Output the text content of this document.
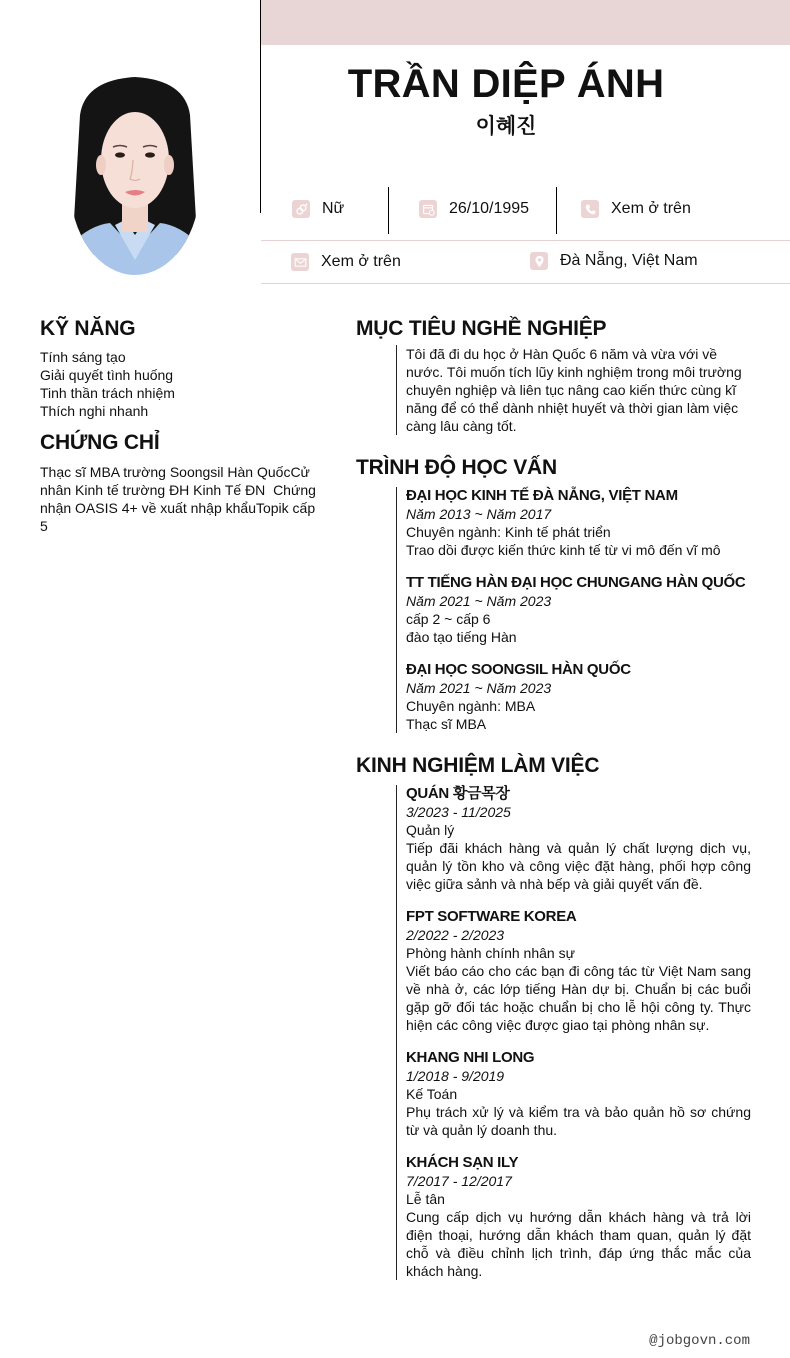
TRẦN DIỆP ÁNH
이혜진
Nữ	26/10/1995	Xem ở trên
Xem ở trên	Đà Nẵng, Việt Nam
KỸ NĂNG
Tính sáng tạo
Giải quyết tình huống
Tinh thần trách nhiệm
Thích nghi nhanh
CHỨNG CHỈ
Thạc sĩ MBA trường Soongsil Hàn QuốcCử nhân Kinh tế trường ĐH Kinh Tế ĐN  Chứng nhận OASIS 4+ về xuất nhập khẩuTopik cấp 5
MỤC TIÊU NGHỀ NGHIỆP
Tôi đã đi du học ở Hàn Quốc 6 năm và vừa với về nước. Tôi muốn tích lũy kinh nghiệm trong môi trường chuyên nghiệp và liên tục nâng cao kiến thức cùng kĩ năng để có thể dành nhiệt huyết và thời gian làm việc càng lâu càng tốt.
TRÌNH ĐỘ HỌC VẤN
ĐẠI HỌC KINH TẾ ĐÀ NẴNG, VIỆT NAM
Năm 2013 ~ Năm 2017
Chuyên ngành: Kinh tế phát triển
Trao dồi được kiến thức kinh tế từ vi mô đến vĩ mô
TT TIẾNG HÀN ĐẠI HỌC CHUNGANG HÀN QUỐC
Năm 2021 ~ Năm 2023
cấp 2 ~ cấp 6
đào tạo tiếng Hàn
ĐẠI HỌC SOONGSIL HÀN QUỐC
Năm 2021 ~ Năm 2023
Chuyên ngành: MBA
Thạc sĩ MBA
KINH NGHIỆM LÀM VIỆC
QUÁN 황금목장
3/2023 - 11/2025
Quản lý
Tiếp đãi khách hàng và quản lý chất lượng dịch vụ, quản lý tồn kho và công việc đặt hàng, phối hợp công việc giữa sảnh và nhà bếp và giải quyết vấn đề.
FPT SOFTWARE KOREA
2/2022 - 2/2023
Phòng hành chính nhân sự
Viết báo cáo cho các bạn đi công tác từ Việt Nam sang về nhà ở, các lớp tiếng Hàn dự bị. Chuẩn bị các buổi gặp gỡ đối tác hoặc chuẩn bị cho lễ hội công ty. Thực hiện các công việc được giao tại phòng nhân sự.
KHANG NHI LONG
1/2018 - 9/2019
Kế Toán
Phụ trách xử lý và kiểm tra và bảo quản hồ sơ chứng từ và quản lý doanh thu.
KHÁCH SẠN ILY
7/2017 - 12/2017
Lễ tân
Cung cấp dịch vụ hướng dẫn khách hàng và trả lời điện thoại, hướng dẫn khách tham quan, quản lý đặt chỗ và điều chỉnh lịch trình, đáp ứng thắc mắc của khách hàng.
@jobgovn.com
